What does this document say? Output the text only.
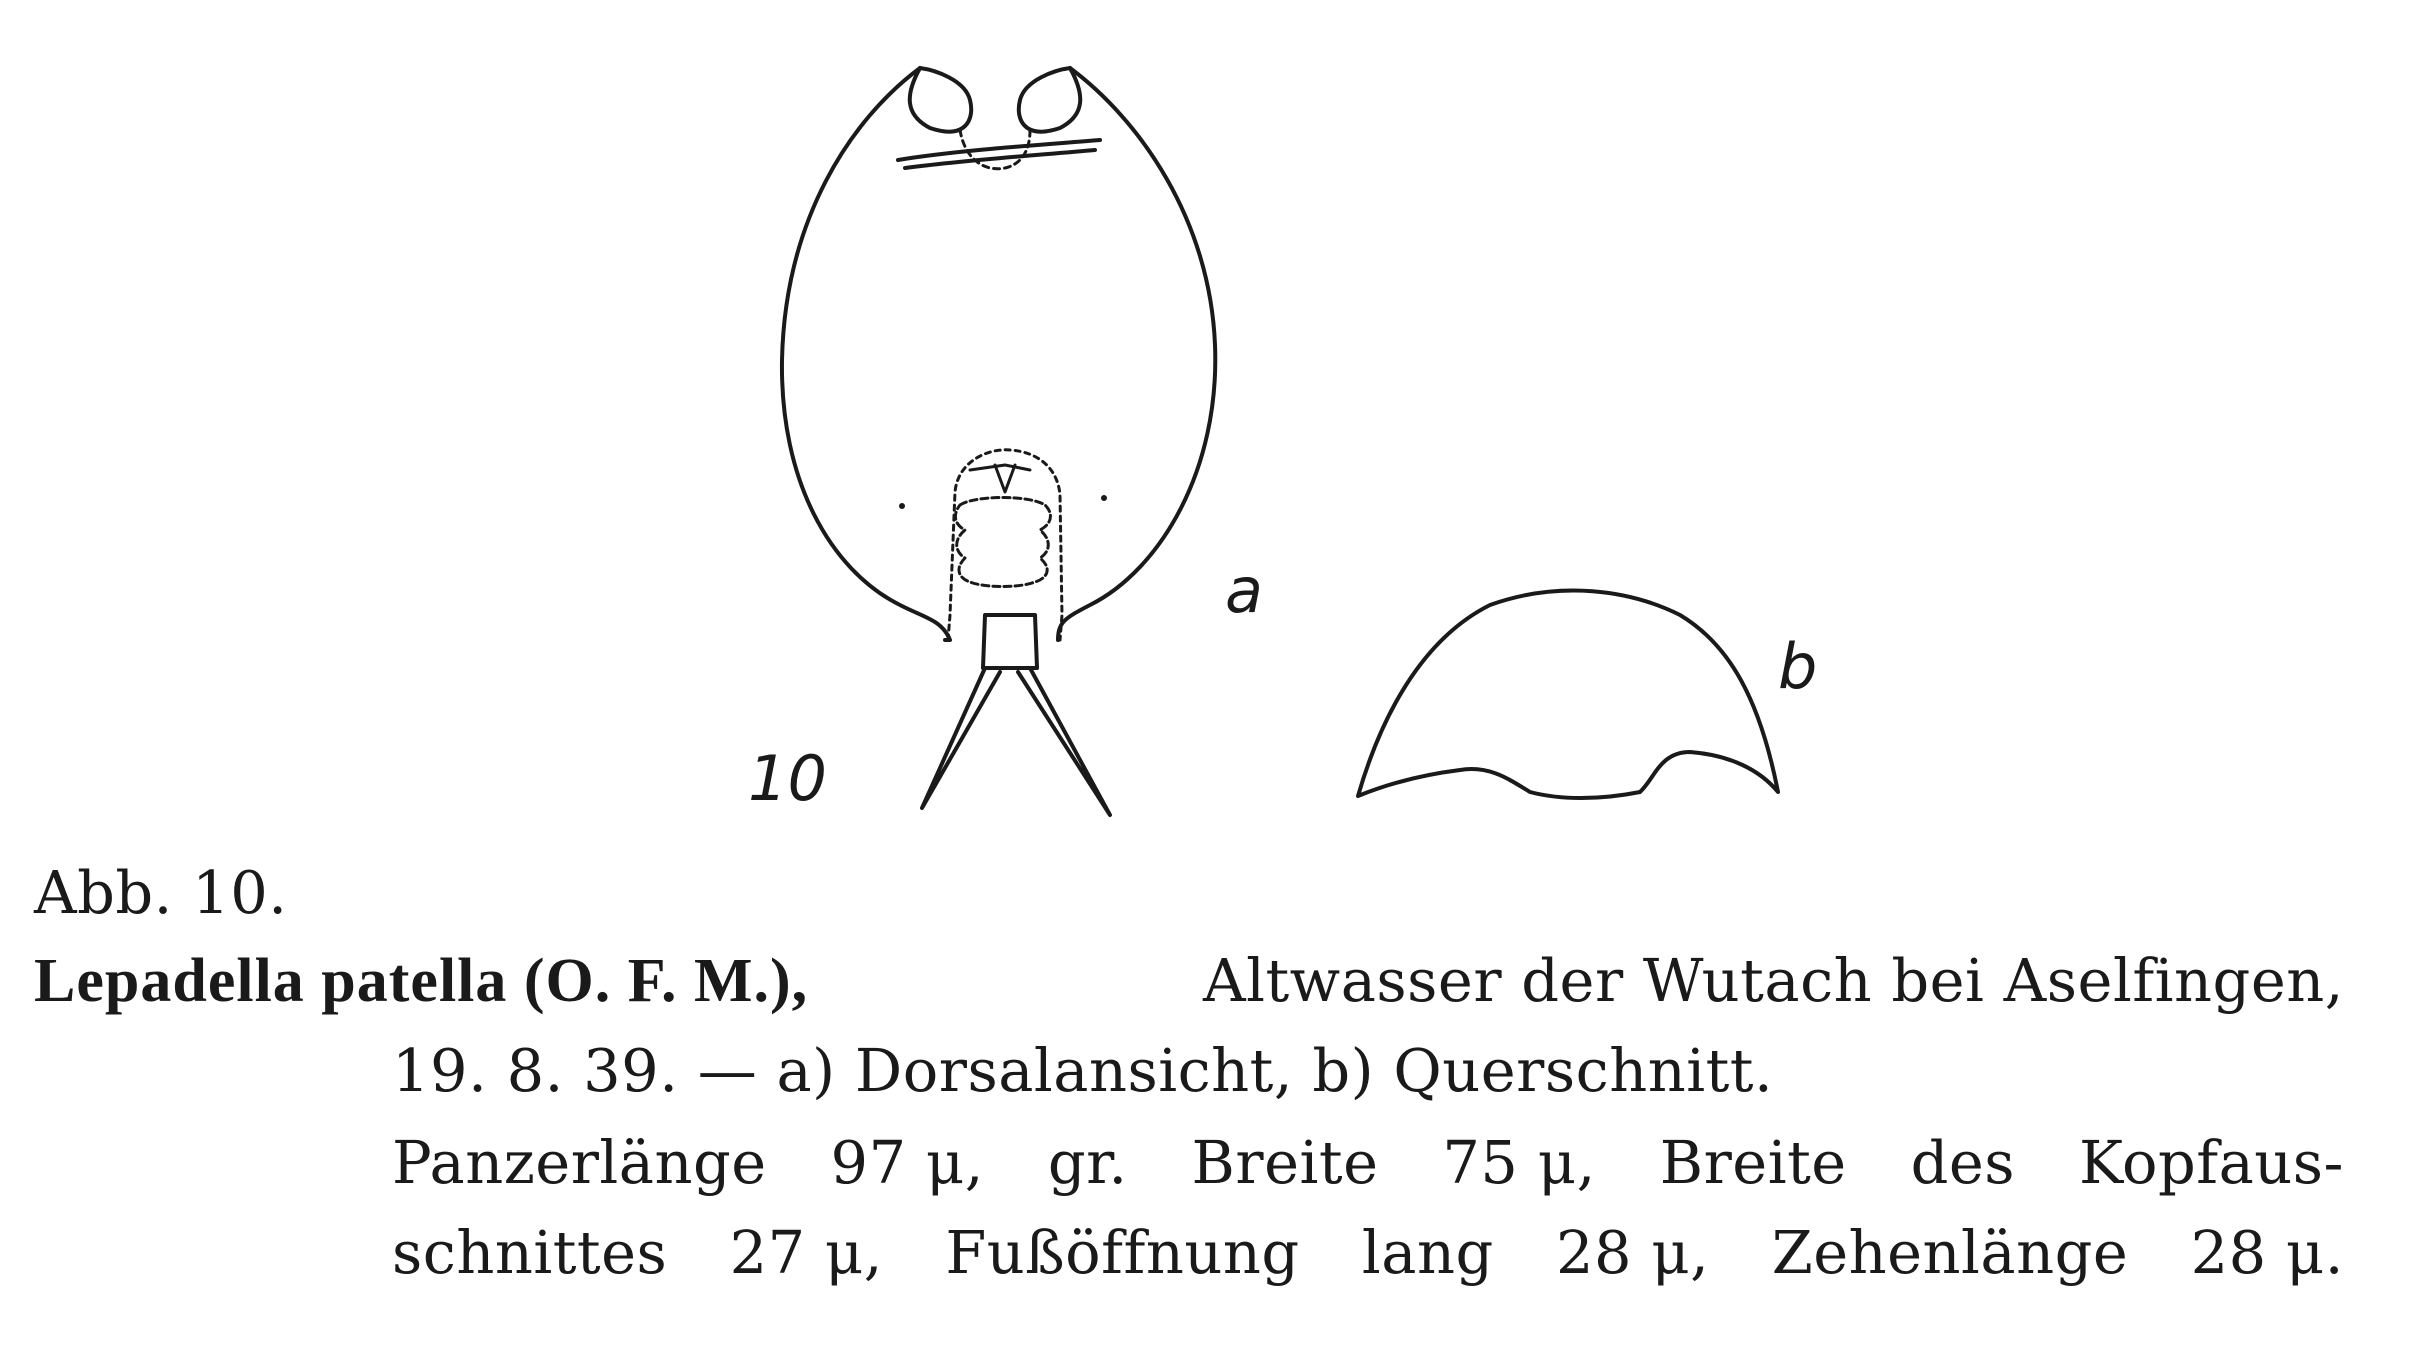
a
b
10
Abb. 10.
Lepadella patella (O. F. M.),	Altwasser der Wutach bei Aselfingen,
19. 8. 39. — a) Dorsalansicht, b) Querschnitt.
Panzerlänge 97 μ, gr. Breite 75 μ, Breite des Kopfaus-
schnittes 27 μ, Fußöffnung lang 28 μ, Zehenlänge 28 μ.
